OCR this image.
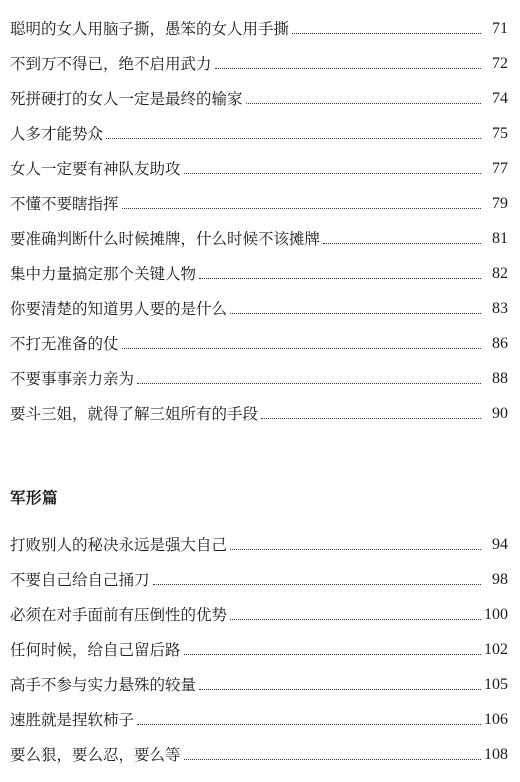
聪明的女人用脑子撕，愚笨的女人用手撕	71
不到万不得已，绝不启用武力	72
死拼硬打的女人一定是最终的输家	74
人多才能势众	75
女人一定要有神队友助攻	77
不懂不要瞎指挥	79
要准确判断什么时候摊牌，什么时候不该摊牌	81
集中力量搞定那个关键人物	82
你要清楚的知道男人要的是什么	83
不打无准备的仗	86
不要事事亲力亲为	88
要斗三姐，就得了解三姐所有的手段	90
军形篇
打败别人的秘决永远是强大自己	94
不要自己给自己捅刀	98
必须在对手面前有压倒性的优势	100
任何时候，给自己留后路	102
高手不参与实力悬殊的较量	105
速胜就是捏软柿子	106
要么狠，要么忍，要么等	108
